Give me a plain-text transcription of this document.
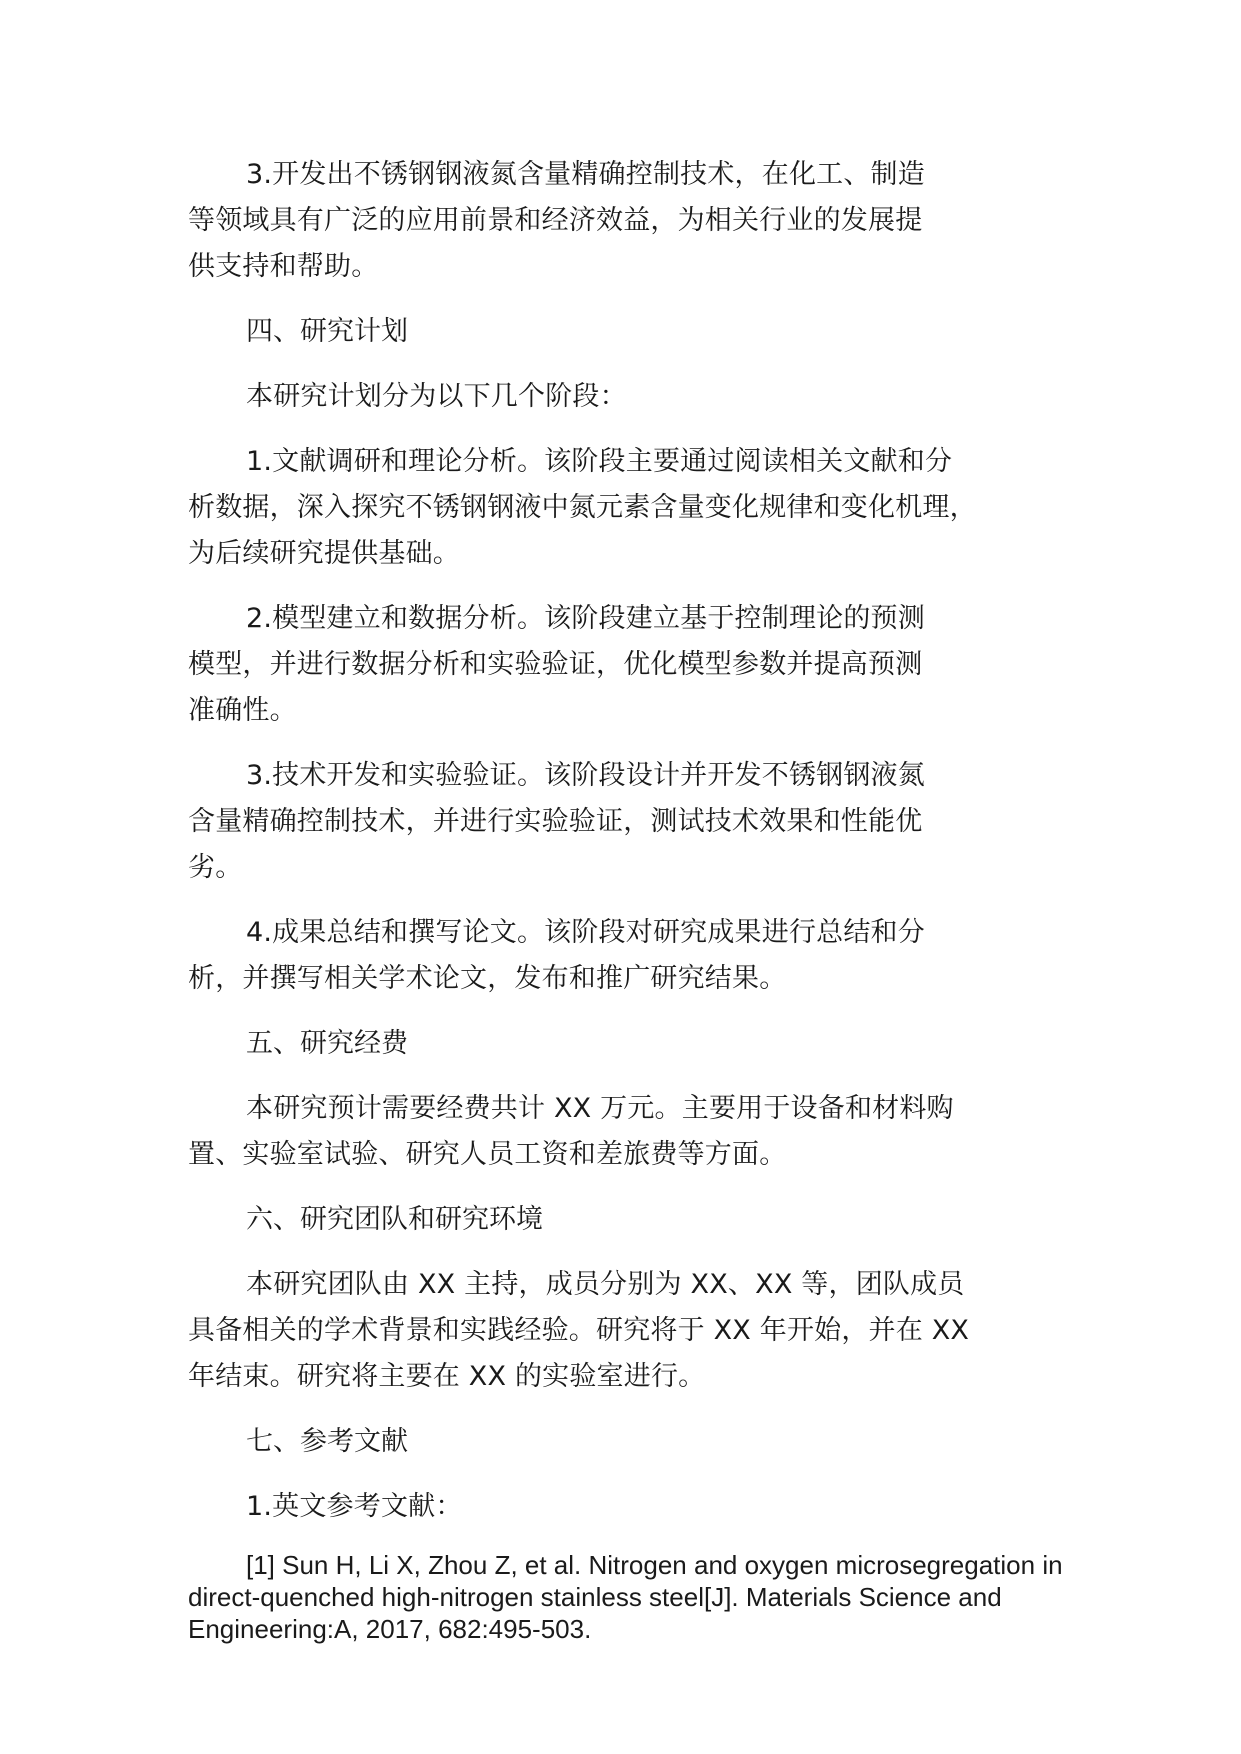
3.开发出不锈钢钢液氮含量精确控制技术，在化工、制造等领域具有广泛的应用前景和经济效益，为相关行业的发展提供支持和帮助。

四、研究计划

本研究计划分为以下几个阶段：

1.文献调研和理论分析。该阶段主要通过阅读相关文献和分析数据，深入探究不锈钢钢液中氮元素含量变化规律和变化机理，为后续研究提供基础。

2.模型建立和数据分析。该阶段建立基于控制理论的预测模型，并进行数据分析和实验验证，优化模型参数并提高预测准确性。

3.技术开发和实验验证。该阶段设计并开发不锈钢钢液氮含量精确控制技术，并进行实验验证，测试技术效果和性能优劣。

4.成果总结和撰写论文。该阶段对研究成果进行总结和分析，并撰写相关学术论文，发布和推广研究结果。

五、研究经费

本研究预计需要经费共计 XX 万元。主要用于设备和材料购置、实验室试验、研究人员工资和差旅费等方面。

六、研究团队和研究环境

本研究团队由 XX 主持，成员分别为 XX、XX 等，团队成员具备相关的学术背景和实践经验。研究将于 XX 年开始，并在 XX 年结束。研究将主要在 XX 的实验室进行。

七、参考文献

1.英文参考文献：

[1] Sun H, Li X, Zhou Z, et al. Nitrogen and oxygen microsegregation in direct-quenched high-nitrogen stainless steel[J]. Materials Science and Engineering:A, 2017, 682:495-503.
